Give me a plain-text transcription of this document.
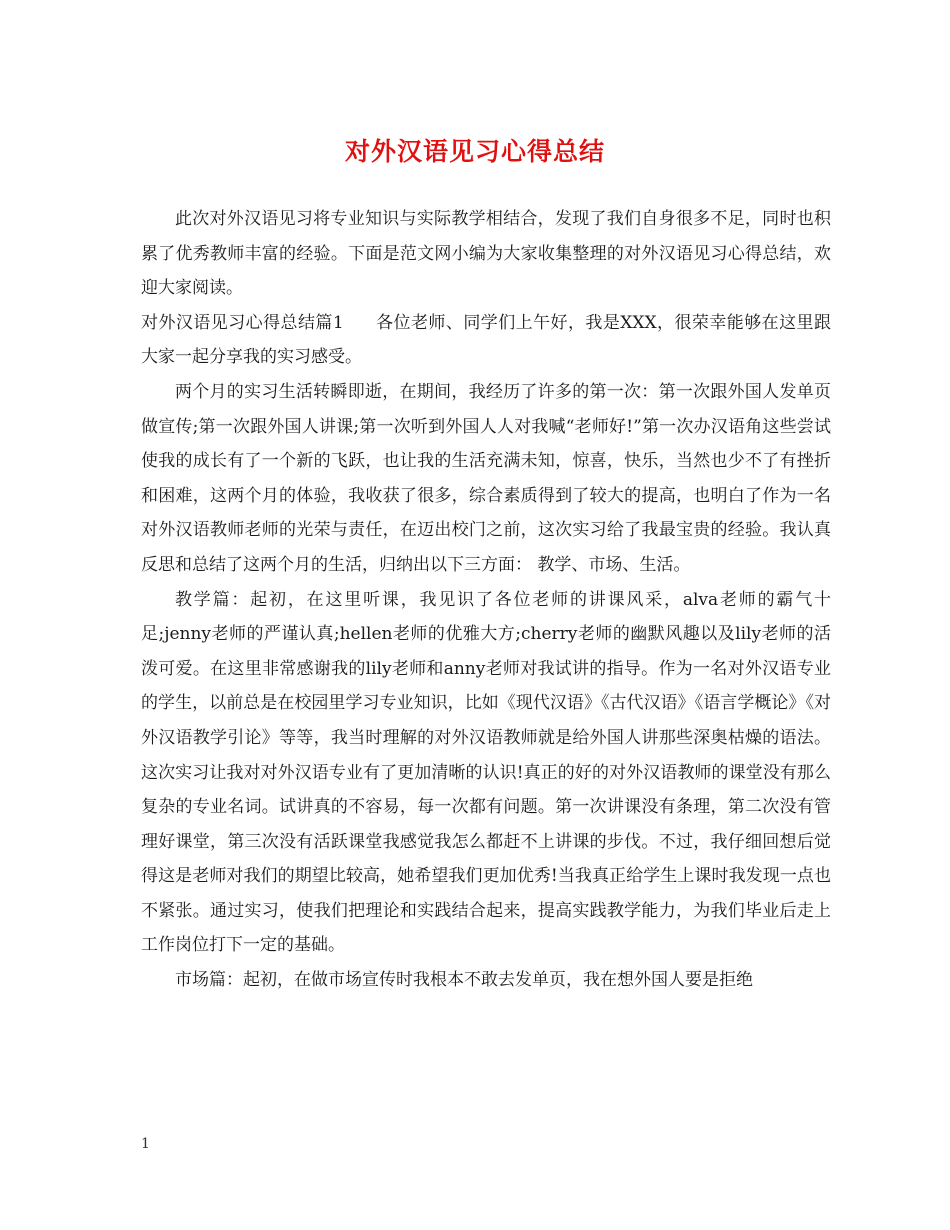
对外汉语见习心得总结

此次对外汉语见习将专业知识与实际教学相结合，发现了我们自身很多不足，同时也积累了优秀教师丰富的经验。下面是范文网小编为大家收集整理的对外汉语见习心得总结，欢迎大家阅读。

对外汉语见习心得总结篇1 各位老师、同学们上午好，我是XXX，很荣幸能够在这里跟大家一起分享我的实习感受。

两个月的实习生活转瞬即逝，在期间，我经历了许多的第一次：第一次跟外国人发单页做宣传;第一次跟外国人讲课;第一次听到外国人人对我喊“老师好!”第一次办汉语角这些尝试使我的成长有了一个新的飞跃，也让我的生活充满未知，惊喜，快乐，当然也少不了有挫折和困难，这两个月的体验，我收获了很多，综合素质得到了较大的提高，也明白了作为一名对外汉语教师老师的光荣与责任，在迈出校门之前，这次实习给了我最宝贵的经验。我认真反思和总结了这两个月的生活，归纳出以下三方面： 教学、市场、生活。

教学篇：起初，在这里听课，我见识了各位老师的讲课风采，alva老师的霸气十足;jenny老师的严谨认真;hellen老师的优雅大方;cherry老师的幽默风趣以及lily老师的活泼可爱。在这里非常感谢我的lily老师和anny老师对我试讲的指导。作为一名对外汉语专业的学生，以前总是在校园里学习专业知识，比如《现代汉语》《古代汉语》《语言学概论》《对外汉语教学引论》等等，我当时理解的对外汉语教师就是给外国人讲那些深奥枯燥的语法。这次实习让我对对外汉语专业有了更加清晰的认识!真正的好的对外汉语教师的课堂没有那么复杂的专业名词。试讲真的不容易，每一次都有问题。第一次讲课没有条理，第二次没有管理好课堂，第三次没有活跃课堂我感觉我怎么都赶不上讲课的步伐。不过，我仔细回想后觉得这是老师对我们的期望比较高，她希望我们更加优秀!当我真正给学生上课时我发现一点也不紧张。通过实习，使我们把理论和实践结合起来，提高实践教学能力，为我们毕业后走上工作岗位打下一定的基础。

市场篇：起初，在做市场宣传时我根本不敢去发单页，我在想外国人要是拒绝

1
